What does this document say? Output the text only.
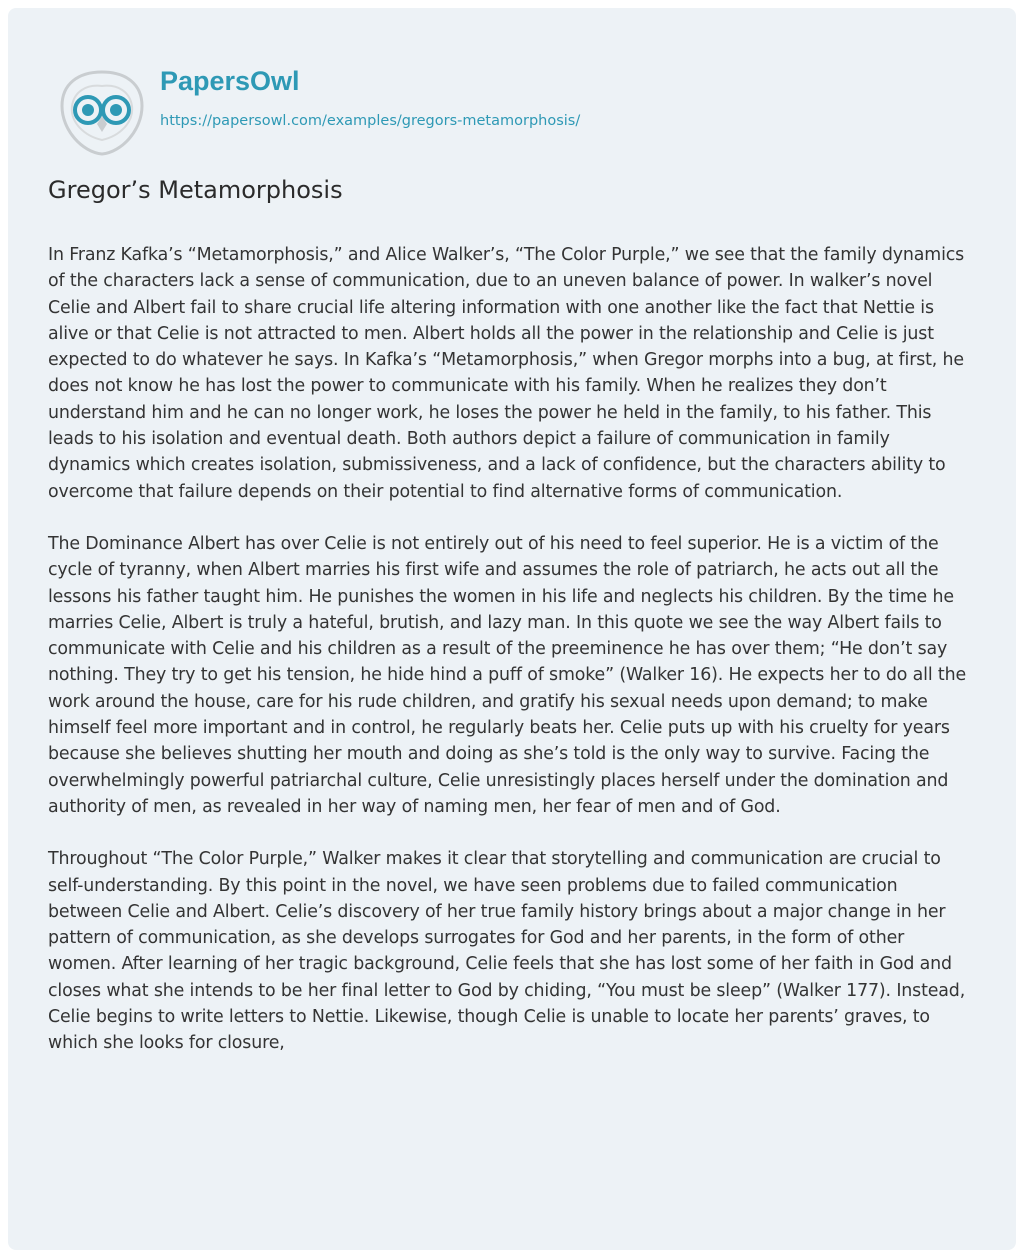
PapersOwl
https://papersowl.com/examples/gregors-metamorphosis/
Gregor’s Metamorphosis

In Franz Kafka’s “Metamorphosis,” and Alice Walker’s, “The Color Purple,” we see that the family dynamics of the characters lack a sense of communication, due to an uneven balance of power. In walker’s novel Celie and Albert fail to share crucial life altering information with one another like the fact that Nettie is alive or that Celie is not attracted to men. Albert holds all the power in the relationship and Celie is just expected to do whatever he says. In Kafka’s “Metamorphosis,” when Gregor morphs into a bug, at first, he does not know he has lost the power to communicate with his family. When he realizes they don’t understand him and he can no longer work, he loses the power he held in the family, to his father. This leads to his isolation and eventual death. Both authors depict a failure of communication in family dynamics which creates isolation, submissiveness, and a lack of confidence, but the characters ability to overcome that failure depends on their potential to find alternative forms of communication.

The Dominance Albert has over Celie is not entirely out of his need to feel superior. He is a victim of the cycle of tyranny, when Albert marries his first wife and assumes the role of patriarch, he acts out all the lessons his father taught him. He punishes the women in his life and neglects his children. By the time he marries Celie, Albert is truly a hateful, brutish, and lazy man. In this quote we see the way Albert fails to communicate with Celie and his children as a result of the preeminence he has over them; “He don’t say nothing. They try to get his tension, he hide hind a puff of smoke” (Walker 16). He expects her to do all the work around the house, care for his rude children, and gratify his sexual needs upon demand; to make himself feel more important and in control, he regularly beats her. Celie puts up with his cruelty for years because she believes shutting her mouth and doing as she’s told is the only way to survive. Facing the overwhelmingly powerful patriarchal culture, Celie unresistingly places herself under the domination and authority of men, as revealed in her way of naming men, her fear of men and of God.

Throughout “The Color Purple,” Walker makes it clear that storytelling and communication are crucial to self-understanding. By this point in the novel, we have seen problems due to failed communication between Celie and Albert. Celie’s discovery of her true family history brings about a major change in her pattern of communication, as she develops surrogates for God and her parents, in the form of other women. After learning of her tragic background, Celie feels that she has lost some of her faith in God and closes what she intends to be her final letter to God by chiding, “You must be sleep” (Walker 177). Instead, Celie begins to write letters to Nettie. Likewise, though Celie is unable to locate her parents’ graves, to which she looks for closure,
